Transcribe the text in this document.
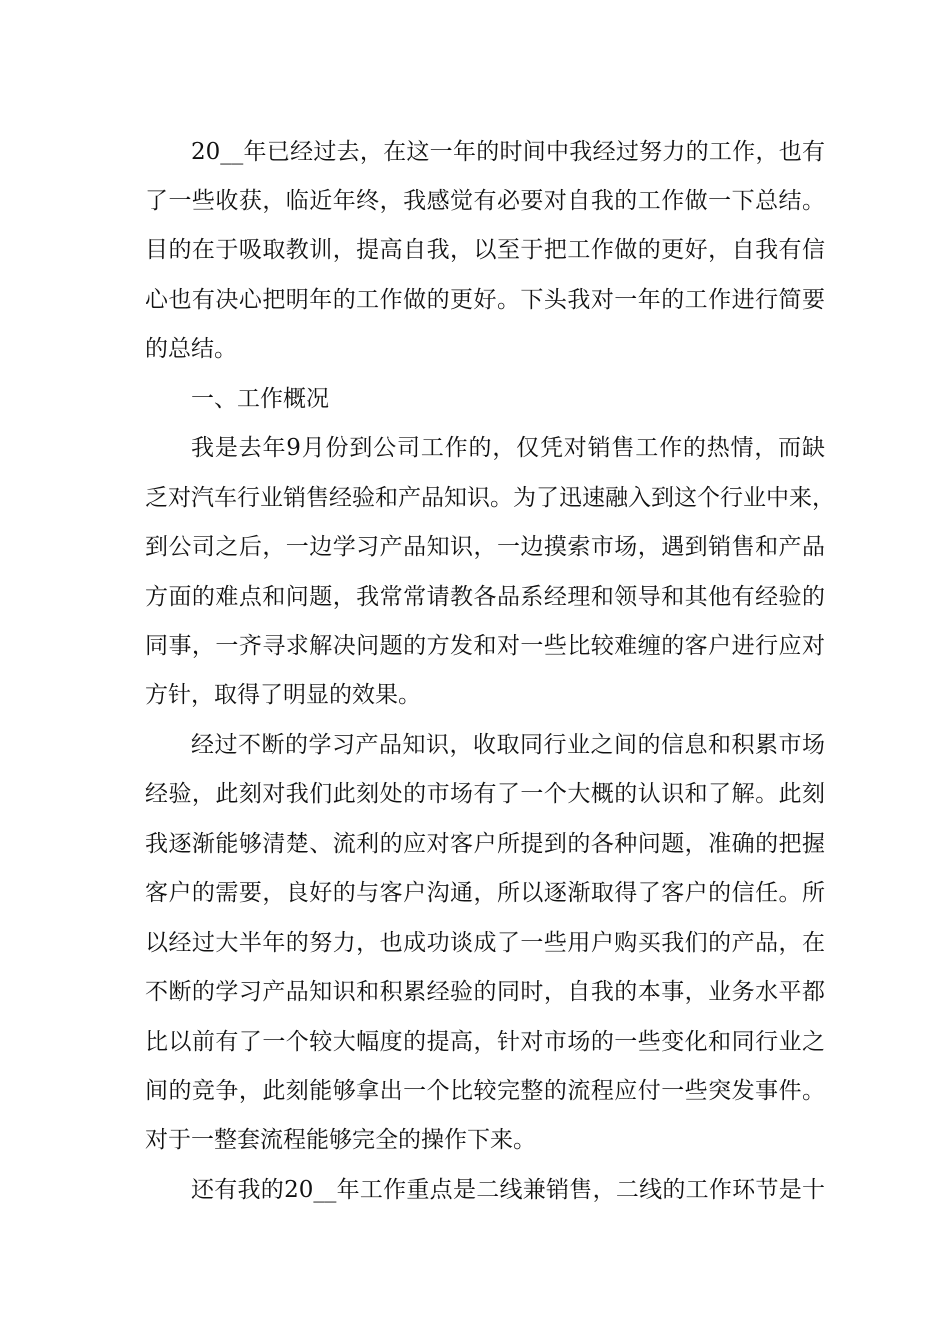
20__年已经过去，在这一年的时间中我经过努力的工作，也有
了一些收获，临近年终，我感觉有必要对自我的工作做一下总结。
目的在于吸取教训，提高自我，以至于把工作做的更好，自我有信
心也有决心把明年的工作做的更好。下头我对一年的工作进行简要
的总结。
一、工作概况
我是去年9月份到公司工作的，仅凭对销售工作的热情，而缺
乏对汽车行业销售经验和产品知识。为了迅速融入到这个行业中来，
到公司之后，一边学习产品知识，一边摸索市场，遇到销售和产品
方面的难点和问题，我常常请教各品系经理和领导和其他有经验的
同事，一齐寻求解决问题的方发和对一些比较难缠的客户进行应对
方针，取得了明显的效果。
经过不断的学习产品知识，收取同行业之间的信息和积累市场
经验，此刻对我们此刻处的市场有了一个大概的认识和了解。此刻
我逐渐能够清楚、流利的应对客户所提到的各种问题，准确的把握
客户的需要，良好的与客户沟通，所以逐渐取得了客户的信任。所
以经过大半年的努力，也成功谈成了一些用户购买我们的产品，在
不断的学习产品知识和积累经验的同时，自我的本事，业务水平都
比以前有了一个较大幅度的提高，针对市场的一些变化和同行业之
间的竞争，此刻能够拿出一个比较完整的流程应付一些突发事件。
对于一整套流程能够完全的操作下来。
还有我的20__年工作重点是二线兼销售，二线的工作环节是十
